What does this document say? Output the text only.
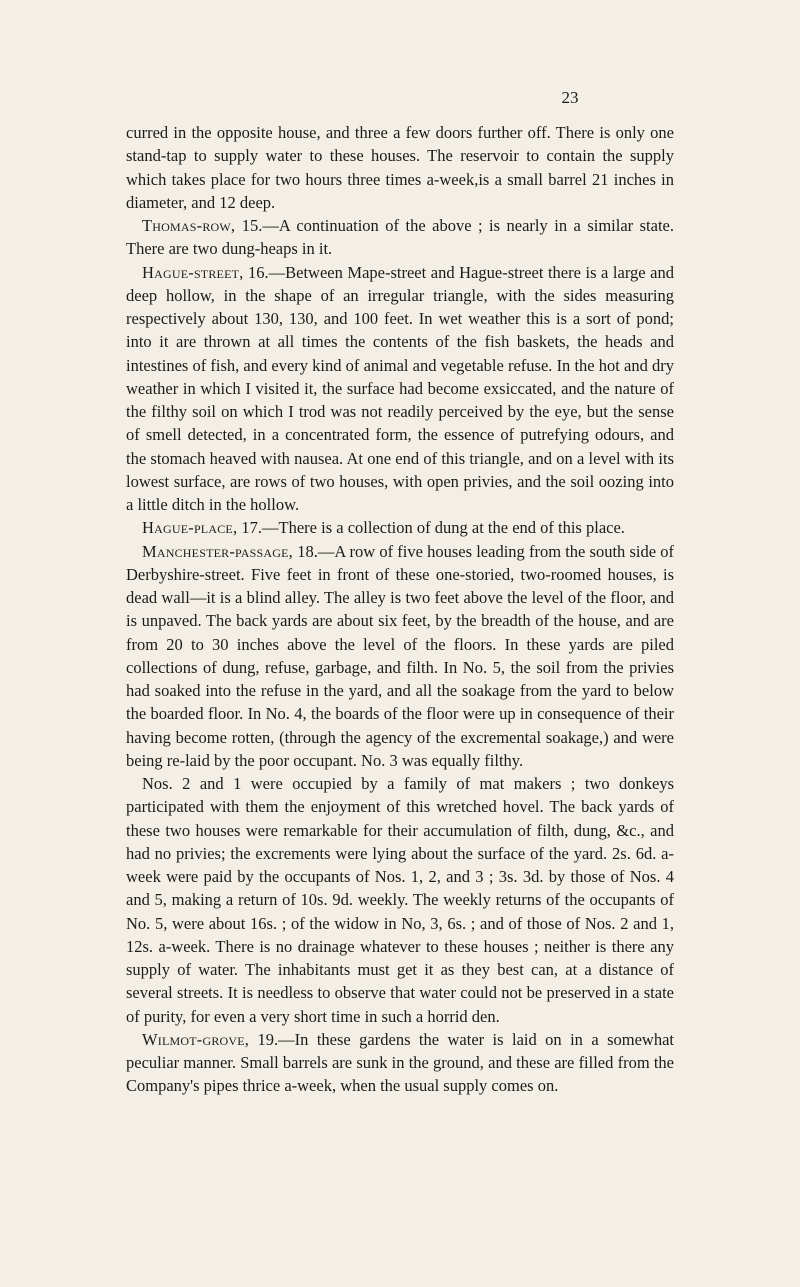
23

curred in the opposite house, and three a few doors further off. There is only one stand-tap to supply water to these houses. The reservoir to contain the supply which takes place for two hours three times a-week,is a small barrel 21 inches in diameter, and 12 deep.

Thomas-row, 15.—A continuation of the above ; is nearly in a similar state. There are two dung-heaps in it.

Hague-street, 16.—Between Mape-street and Hague-street there is a large and deep hollow, in the shape of an irregular triangle, with the sides measuring respectively about 130, 130, and 100 feet. In wet weather this is a sort of pond; into it are thrown at all times the contents of the fish baskets, the heads and intestines of fish, and every kind of animal and vegetable refuse. In the hot and dry weather in which I visited it, the surface had become exsiccated, and the nature of the filthy soil on which I trod was not readily perceived by the eye, but the sense of smell detected, in a concentrated form, the essence of putrefying odours, and the stomach heaved with nausea. At one end of this triangle, and on a level with its lowest surface, are rows of two houses, with open privies, and the soil oozing into a little ditch in the hollow.

Hague-place, 17.—There is a collection of dung at the end of this place.

Manchester-passage, 18.—A row of five houses leading from the south side of Derbyshire-street. Five feet in front of these one-storied, two-roomed houses, is dead wall—it is a blind alley. The alley is two feet above the level of the floor, and is unpaved. The back yards are about six feet, by the breadth of the house, and are from 20 to 30 inches above the level of the floors. In these yards are piled collections of dung, refuse, garbage, and filth. In No. 5, the soil from the privies had soaked into the refuse in the yard, and all the soakage from the yard to below the boarded floor. In No. 4, the boards of the floor were up in consequence of their having become rotten, (through the agency of the excremental soakage,) and were being re-laid by the poor occupant. No. 3 was equally filthy.

Nos. 2 and 1 were occupied by a family of mat makers ; two donkeys participated with them the enjoyment of this wretched hovel. The back yards of these two houses were remarkable for their accumulation of filth, dung, &c., and had no privies; the excrements were lying about the surface of the yard. 2s. 6d. a-week were paid by the occupants of Nos. 1, 2, and 3 ; 3s. 3d. by those of Nos. 4 and 5, making a return of 10s. 9d. weekly. The weekly returns of the occupants of No. 5, were about 16s. ; of the widow in No, 3, 6s. ; and of those of Nos. 2 and 1, 12s. a-week. There is no drainage whatever to these houses ; neither is there any supply of water. The inhabitants must get it as they best can, at a distance of several streets. It is needless to observe that water could not be preserved in a state of purity, for even a very short time in such a horrid den.

Wilmot-grove, 19.—In these gardens the water is laid on in a somewhat peculiar manner. Small barrels are sunk in the ground, and these are filled from the Company's pipes thrice a-week, when the usual supply comes on.
